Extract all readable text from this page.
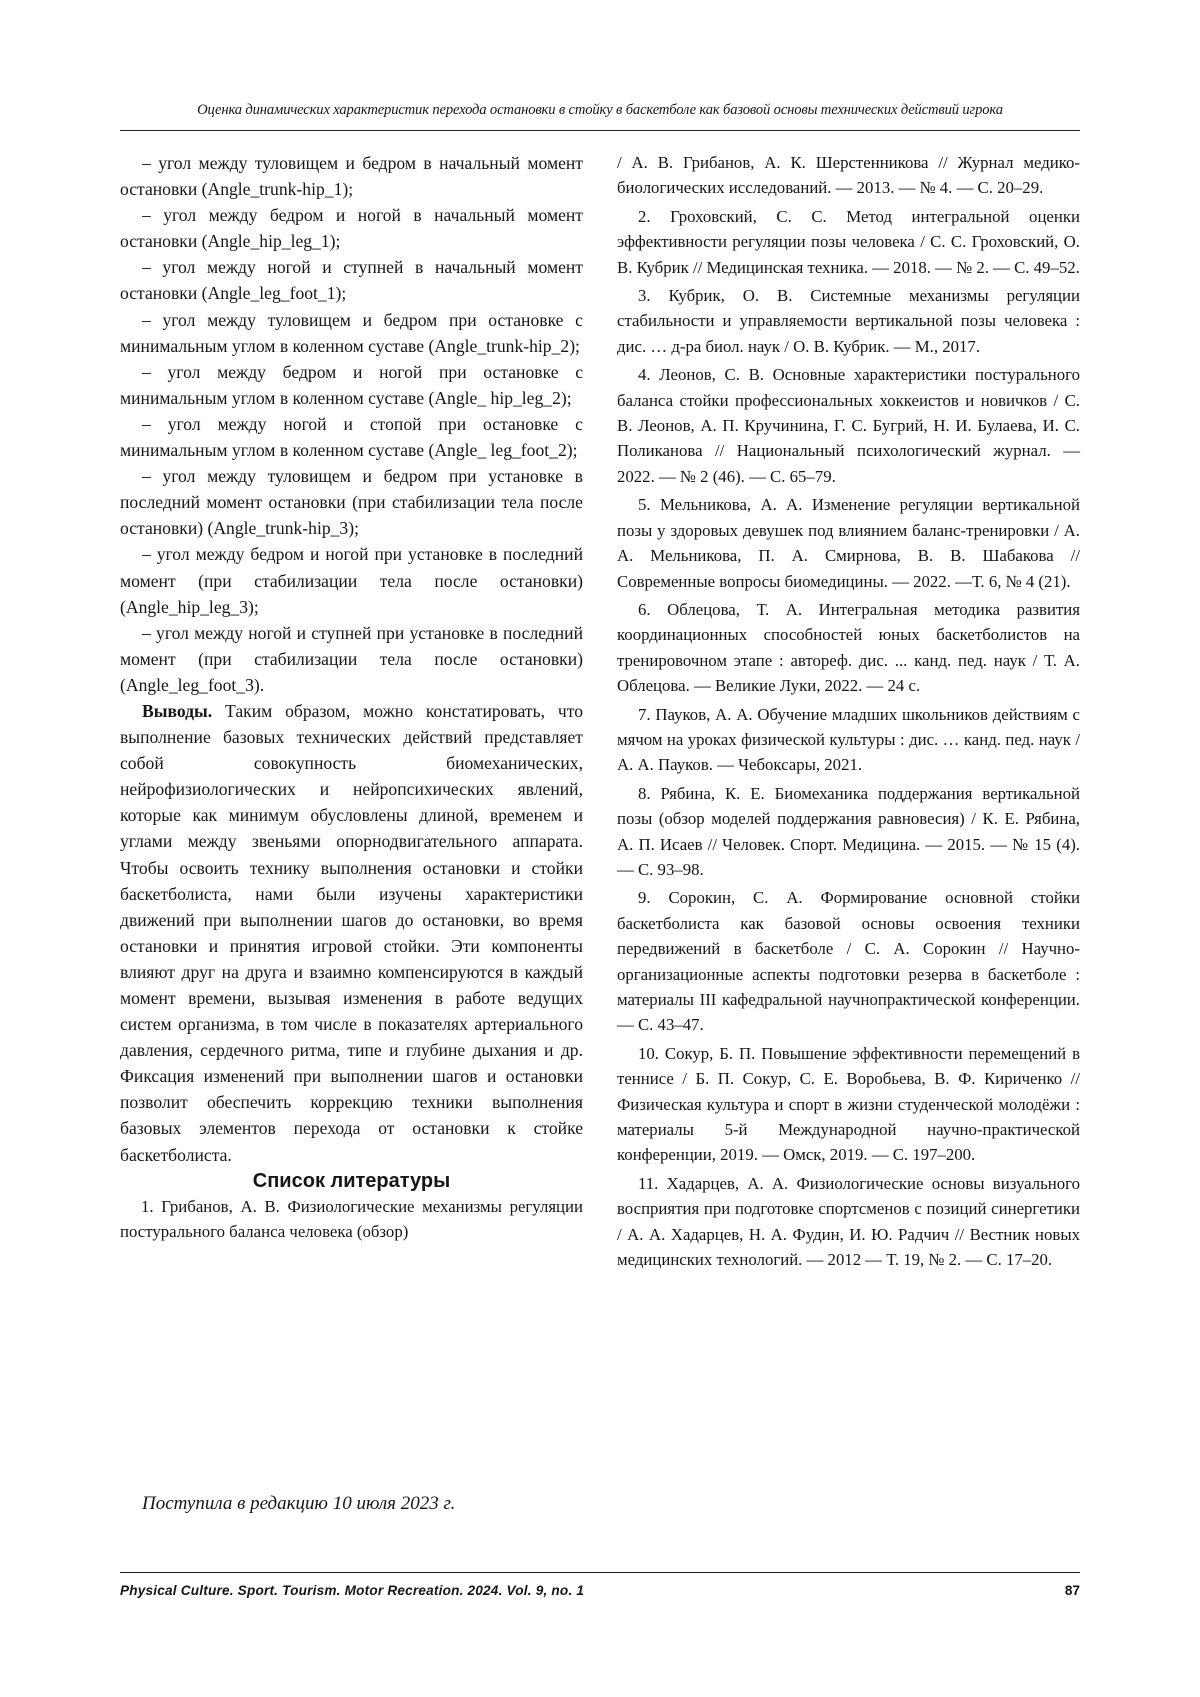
Оценка динамических характеристик перехода остановки в стойку в баскетболе как базовой основы технических действий игрока

– угол между туловищем и бедром в начальный момент остановки (Angle_trunk-hip_1);

– угол между бедром и ногой в начальный момент остановки (Angle_hip_leg_1);

– угол между ногой и ступней в начальный момент остановки (Angle_leg_foot_1);

– угол между туловищем и бедром при остановке с минимальным углом в коленном суставе (Angle_trunk-hip_2);

– угол между бедром и ногой при остановке с минимальным углом в коленном суставе (Angle_ hip_leg_2);

– угол между ногой и стопой при остановке с минимальным углом в коленном суставе (Angle_ leg_foot_2);

– угол между туловищем и бедром при установке в последний момент остановки (при стабилизации тела после остановки) (Angle_trunk-hip_3);

– угол между бедром и ногой при установке в последний момент (при стабилизации тела после остановки) (Angle_hip_leg_3);

– угол между ногой и ступней при установке в последний момент (при стабилизации тела после остановки) (Angle_leg_foot_3).

Выводы. Таким образом, можно констатировать, что выполнение базовых технических действий представляет собой совокупность биомеханических, нейрофизиологических и нейропсихических явлений, которые как минимум обусловлены длиной, временем и углами между звеньями опорнодвигательного аппарата. Чтобы освоить технику выполнения остановки и стойки баскетболиста, нами были изучены характеристики движений при выполнении шагов до остановки, во время остановки и принятия игровой стойки. Эти компоненты влияют друг на друга и взаимно компенсируются в каждый момент времени, вызывая изменения в работе ведущих систем организма, в том числе в показателях артериального давления, сердечного ритма, типе и глубине дыхания и др. Фиксация изменений при выполнении шагов и остановки позволит обеспечить коррекцию техники выполнения базовых элементов перехода от остановки к стойке баскетболиста.

Список литературы

1. Грибанов, А. В. Физиологические механизмы регуляции постурального баланса человека (обзор)

/ А. В. Грибанов, А. К. Шерстенникова // Журнал медико-биологических исследований. — 2013. — № 4. — С. 20–29.

2. Гроховский, С. С. Метод интегральной оценки эффективности регуляции позы человека / С. С. Гроховский, О. В. Кубрик // Медицинская техника. — 2018. — № 2. — С. 49–52.

3. Кубрик, О. В. Системные механизмы регуляции стабильности и управляемости вертикальной позы человека : дис. … д-ра биол. наук / О. В. Кубрик. — М., 2017.

4. Леонов, С. В. Основные характеристики постурального баланса стойки профессиональных хоккеистов и новичков / С. В. Леонов, А. П. Кручинина, Г. С. Бугрий, Н. И. Булаева, И. С. Поликанова // Национальный психологический журнал. — 2022. — № 2 (46). — С. 65–79.

5. Мельникова, А. А. Изменение регуляции вертикальной позы у здоровых девушек под влиянием баланс-тренировки / А. А. Мельникова, П. А. Смирнова, В. В. Шабакова // Современные вопросы биомедицины. — 2022. —Т. 6, № 4 (21).

6. Облецова, Т. А. Интегральная методика развития координационных способностей юных баскетболистов на тренировочном этапе : автореф. дис. ... канд. пед. наук / Т. А. Облецова. — Великие Луки, 2022. — 24 с.

7. Пауков, А. А. Обучение младших школьников действиям с мячом на уроках физической культуры : дис. … канд. пед. наук / А. А. Пауков. — Чебоксары, 2021.

8. Рябина, К. Е. Биомеханика поддержания вертикальной позы (обзор моделей поддержания равновесия) / К. Е. Рябина, А. П. Исаев // Человек. Спорт. Медицина. — 2015. — № 15 (4). — С. 93–98.

9. Сорокин, С. А. Формирование основной стойки баскетболиста как базовой основы освоения техники передвижений в баскетболе / С. А. Сорокин // Научно-организационные аспекты подготовки резерва в баскетболе : материалы III кафедральной научнопрактической конференции. — С. 43–47.

10. Сокур, Б. П. Повышение эффективности перемещений в теннисе / Б. П. Сокур, С. Е. Воробьева, В. Ф. Кириченко // Физическая культура и спорт в жизни студенческой молодёжи : материалы 5-й Международной научно-практической конференции, 2019. — Омск, 2019. — С. 197–200.

11. Хадарцев, А. А. Физиологические основы визуального восприятия при подготовке спортсменов с позиций синергетики / А. А. Хадарцев, Н. А. Фудин, И. Ю. Радчич // Вестник новых медицинских технологий. — 2012 — Т. 19, № 2. — С. 17–20.

Поступила в редакцию 10 июля 2023 г.
Physical Culture. Sport. Tourism. Motor Recreation. 2024. Vol. 9, no. 1	87
